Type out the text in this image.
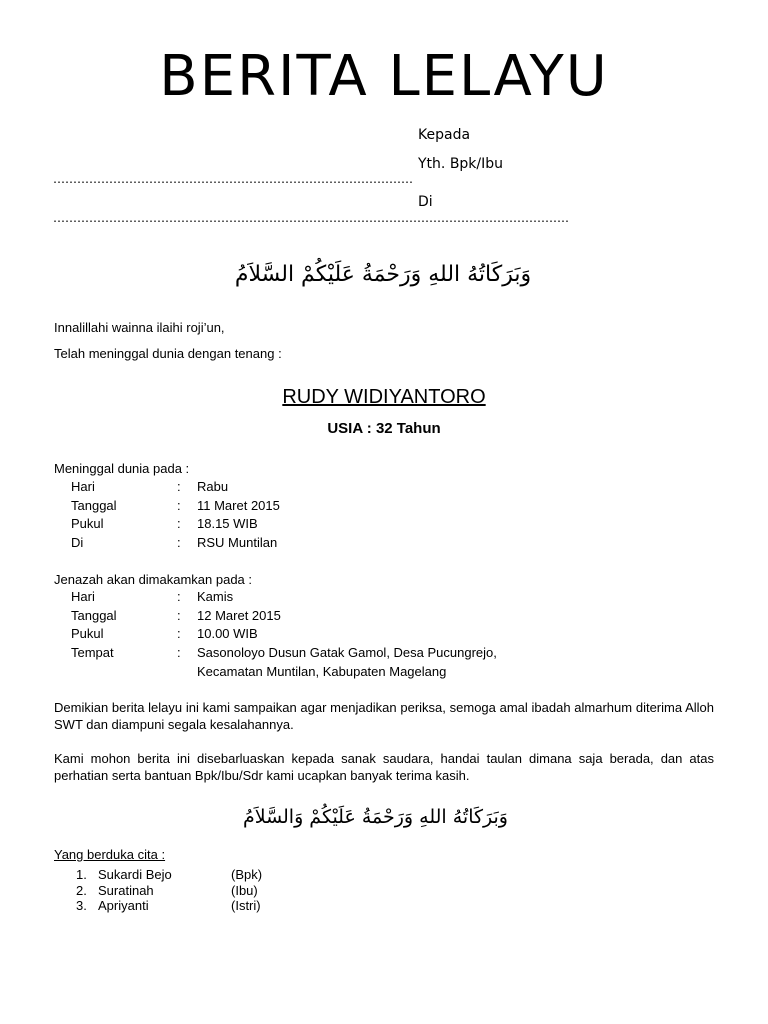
BERITA LELAYU
Kepada
Yth. Bpk/Ibu
………………………………………………………………………………
Di
…………………………………………………………………………………………………………………
وَبَرَكَاتُهُ اللهِ وَرَحْمَةُ عَلَيْكُمْ السَّلاَمُ
Innalillahi wainna ilaihi roji’un,
Telah meninggal dunia dengan tenang :
RUDY WIDIYANTORO
USIA : 32 Tahun
Meninggal dunia pada :
Hari	: Rabu
Tanggal	: 11 Maret 2015
Pukul	: 18.15 WIB
Di	: RSU Muntilan
Jenazah akan dimakamkan pada :
Hari	: Kamis
Tanggal	: 12 Maret 2015
Pukul	: 10.00 WIB
Tempat	: Sasonoloyo Dusun Gatak Gamol, Desa Pucungrejo,
Kecamatan Muntilan, Kabupaten Magelang
Demikian berita lelayu ini kami sampaikan agar menjadikan periksa, semoga amal ibadah almarhum diterima Alloh SWT dan diampuni segala kesalahannya.
Kami mohon berita ini disebarluaskan kepada sanak saudara, handai taulan dimana saja berada, dan atas perhatian serta bantuan Bpk/Ibu/Sdr kami ucapkan banyak terima kasih.
وَبَرَكَاتُهُ اللهِ وَرَحْمَةُ عَلَيْكُمْ وَالسَّلاَمُ
Yang berduka cita :
1. Sukardi Bejo	(Bpk)
2. Suratinah	(Ibu)
3. Apriyanti	(Istri)
